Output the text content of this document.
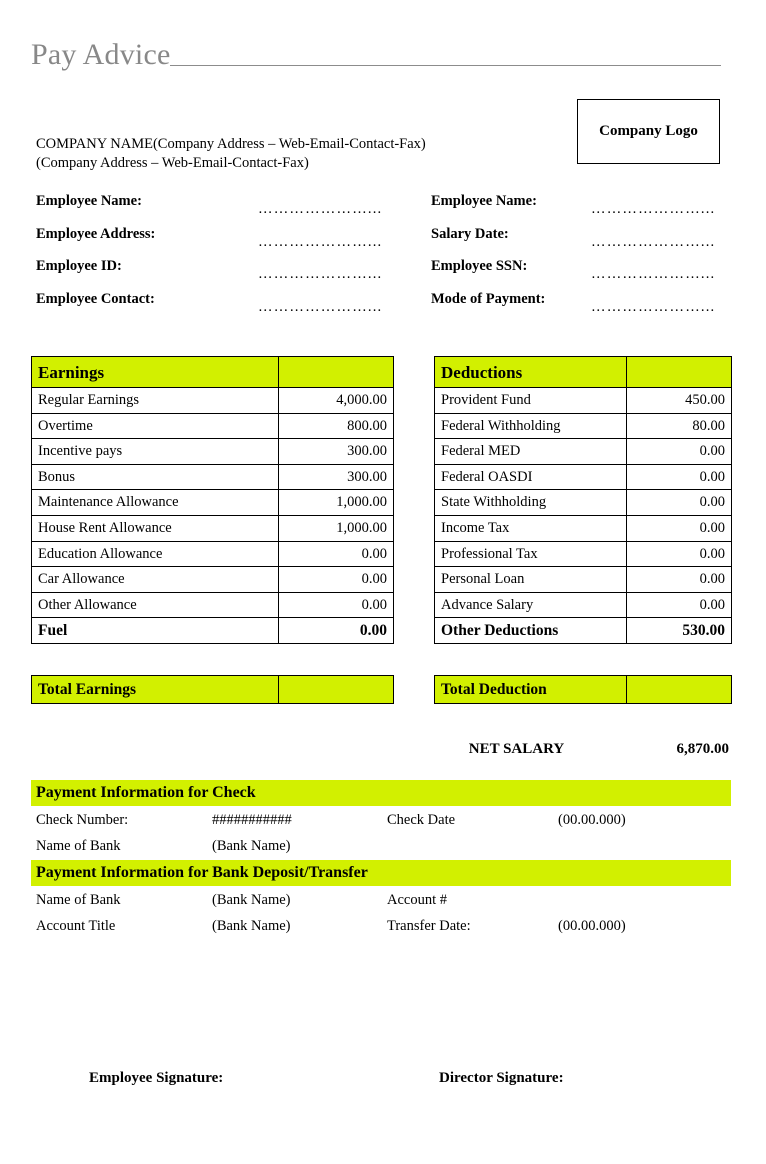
Pay Advice
COMPANY NAME(Company Address – Web-Email-Contact-Fax)
(Company Address – Web-Email-Contact-Fax)
Company Logo
Employee Name:	…………………...	Employee Name:	…………………...
Employee Address:	…………………...	Salary Date:	…………………...
Employee ID:	…………………...	Employee SSN:	…………………...
Employee Contact:	…………………...	Mode of Payment:	…………………...
Earnings	
Regular Earnings	4,000.00
Overtime	800.00
Incentive pays	300.00
Bonus	300.00
Maintenance Allowance	1,000.00
House Rent Allowance	1,000.00
Education Allowance	0.00
Car Allowance	0.00
Other Allowance	0.00
Fuel	0.00
Deductions	
Provident Fund	450.00
Federal Withholding	80.00
Federal MED	0.00
Federal OASDI	0.00
State Withholding	0.00
Income Tax	0.00
Professional Tax	0.00
Personal Loan	0.00
Advance Salary	0.00
Other Deductions	530.00
Total Earnings		Total Deduction	
NET SALARY	6,870.00
Payment Information for Check
Check Number:	###########	Check Date	(00.00.000)
Name of Bank	(Bank Name)
Payment Information for Bank Deposit/Transfer
Name of Bank	(Bank Name)	Account #
Account Title	(Bank Name)	Transfer Date:	(00.00.000)
Employee Signature:	Director Signature:
